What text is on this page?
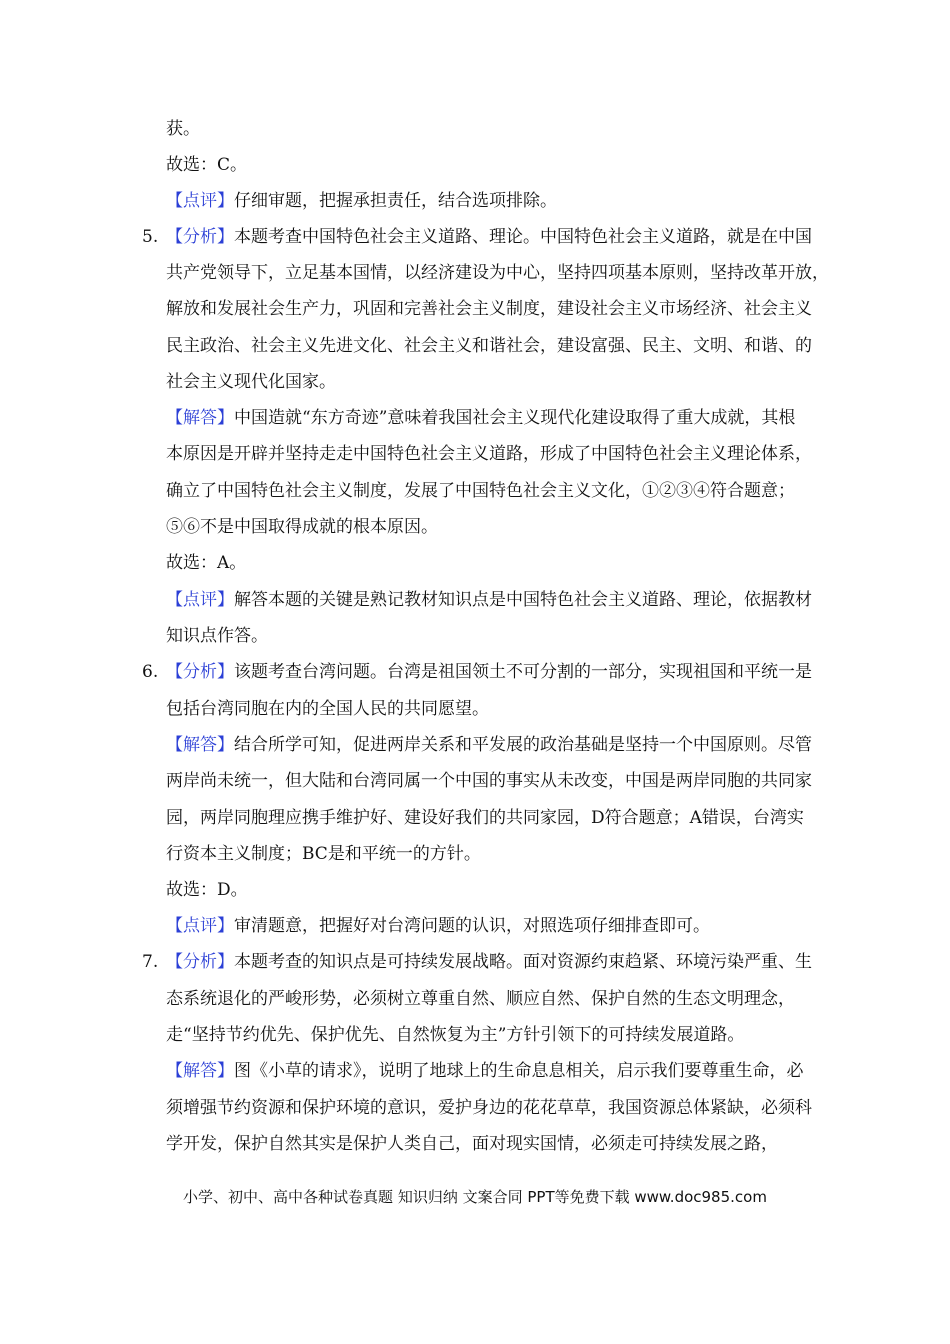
获。
故选：C。
【点评】仔细审题，把握承担责任，结合选项排除。
5. 【分析】本题考查中国特色社会主义道路、理论。中国特色社会主义道路，就是在中国
共产党领导下，立足基本国情，以经济建设为中心，坚持四项基本原则，坚持改革开放，
解放和发展社会生产力，巩固和完善社会主义制度，建设社会主义市场经济、社会主义
民主政治、社会主义先进文化、社会主义和谐社会，建设富强、民主、文明、和谐、的
社会主义现代化国家。
【解答】中国造就“东方奇迹”意味着我国社会主义现代化建设取得了重大成就，其根
本原因是开辟并坚持走走中国特色社会主义道路，形成了中国特色社会主义理论体系，
确立了中国特色社会主义制度，发展了中国特色社会主义文化，①②③④符合题意；
⑤⑥不是中国取得成就的根本原因。
故选：A。
【点评】解答本题的关键是熟记教材知识点是中国特色社会主义道路、理论，依据教材
知识点作答。
6. 【分析】该题考查台湾问题。台湾是祖国领土不可分割的一部分，实现祖国和平统一是
包括台湾同胞在内的全国人民的共同愿望。
【解答】结合所学可知，促进两岸关系和平发展的政治基础是坚持一个中国原则。尽管
两岸尚未统一，但大陆和台湾同属一个中国的事实从未改变，中国是两岸同胞的共同家
园，两岸同胞理应携手维护好、建设好我们的共同家园，D符合题意；A错误，台湾实
行资本主义制度；BC是和平统一的方针。
故选：D。
【点评】审清题意，把握好对台湾问题的认识，对照选项仔细排查即可。
7. 【分析】本题考查的知识点是可持续发展战略。面对资源约束趋紧、环境污染严重、生
态系统退化的严峻形势，必须树立尊重自然、顺应自然、保护自然的生态文明理念，
走“坚持节约优先、保护优先、自然恢复为主”方针引领下的可持续发展道路。
【解答】图《小草的请求》，说明了地球上的生命息息相关，启示我们要尊重生命，必
须增强节约资源和保护环境的意识，爱护身边的花花草草，我国资源总体紧缺，必须科
学开发，保护自然其实是保护人类自己，面对现实国情，必须走可持续发展之路，
小学、初中、高中各种试卷真题 知识归纳 文案合同 PPT等免费下载 www.doc985.com
